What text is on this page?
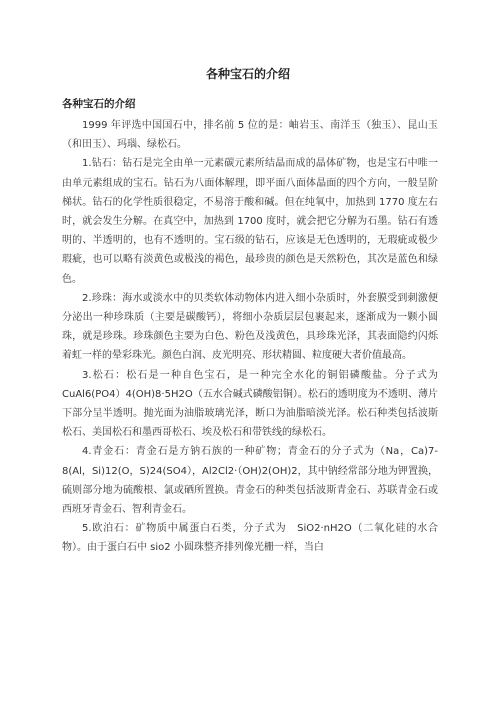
各种宝石的介绍
各种宝石的介绍

1999 年评选中国国石中，排名前 5 位的是：岫岩玉、南洋玉（独玉）、昆山玉（和田玉）、玛瑙、绿松石。

1.钻石：钻石是完全由单一元素碳元素所结晶而成的晶体矿物，也是宝石中唯一由单元素组成的宝石。钻石为八面体解理，即平面八面体晶面的四个方向，一般呈阶梯状。钻石的化学性质很稳定，不易溶于酸和碱。但在纯氧中，加热到 1770 度左右时，就会发生分解。在真空中，加热到 1700 度时，就会把它分解为石墨。钻石有透明的、半透明的，也有不透明的。宝石级的钻石，应该是无色透明的，无瑕疵或极少瑕疵，也可以略有淡黄色或极浅的褐色，最珍贵的颜色是天然粉色，其次是蓝色和绿色。

2.珍珠：海水或淡水中的贝类软体动物体内进入细小杂质时，外套膜受到刺激便分泌出一种珍珠质（主要是碳酸钙），将细小杂质层层包裹起来，逐渐成为一颗小圆珠，就是珍珠。珍珠颜色主要为白色、粉色及浅黄色，具珍珠光泽，其表面隐约闪烁着虹一样的晕彩珠光。颜色白润、皮光明亮、形状精圆、粒度硬大者价值最高。

3.松石：松石是一种自色宝石，是一种完全水化的铜铝磷酸盐。分子式为 CuAl6(PO4）4(OH)8·5H2O（五水合碱式磷酸铝铜）。松石的透明度为不透明、薄片下部分呈半透明。抛光面为油脂玻璃光泽，断口为油脂暗淡光泽。松石种类包括波斯松石、美国松石和墨西哥松石、埃及松石和带铁线的绿松石。

4.青金石：青金石是方钠石族的一种矿物；青金石的分子式为（Na，Ca)7-8(Al，Si)12(O，S)24(SO4），Al2Cl2·（OH)2(OH)2，其中钠经常部分地为钾置换，硫则部分地为硫酸根、氯或硒所置换。青金石的种类包括波斯青金石、苏联青金石或西班牙青金石、智利青金石。

5.欧泊石：矿物质中属蛋白石类，分子式为　SiO2·nH2O（二氧化硅的水合物）。由于蛋白石中 sio2 小圆珠整齐排列像光栅一样，当白
